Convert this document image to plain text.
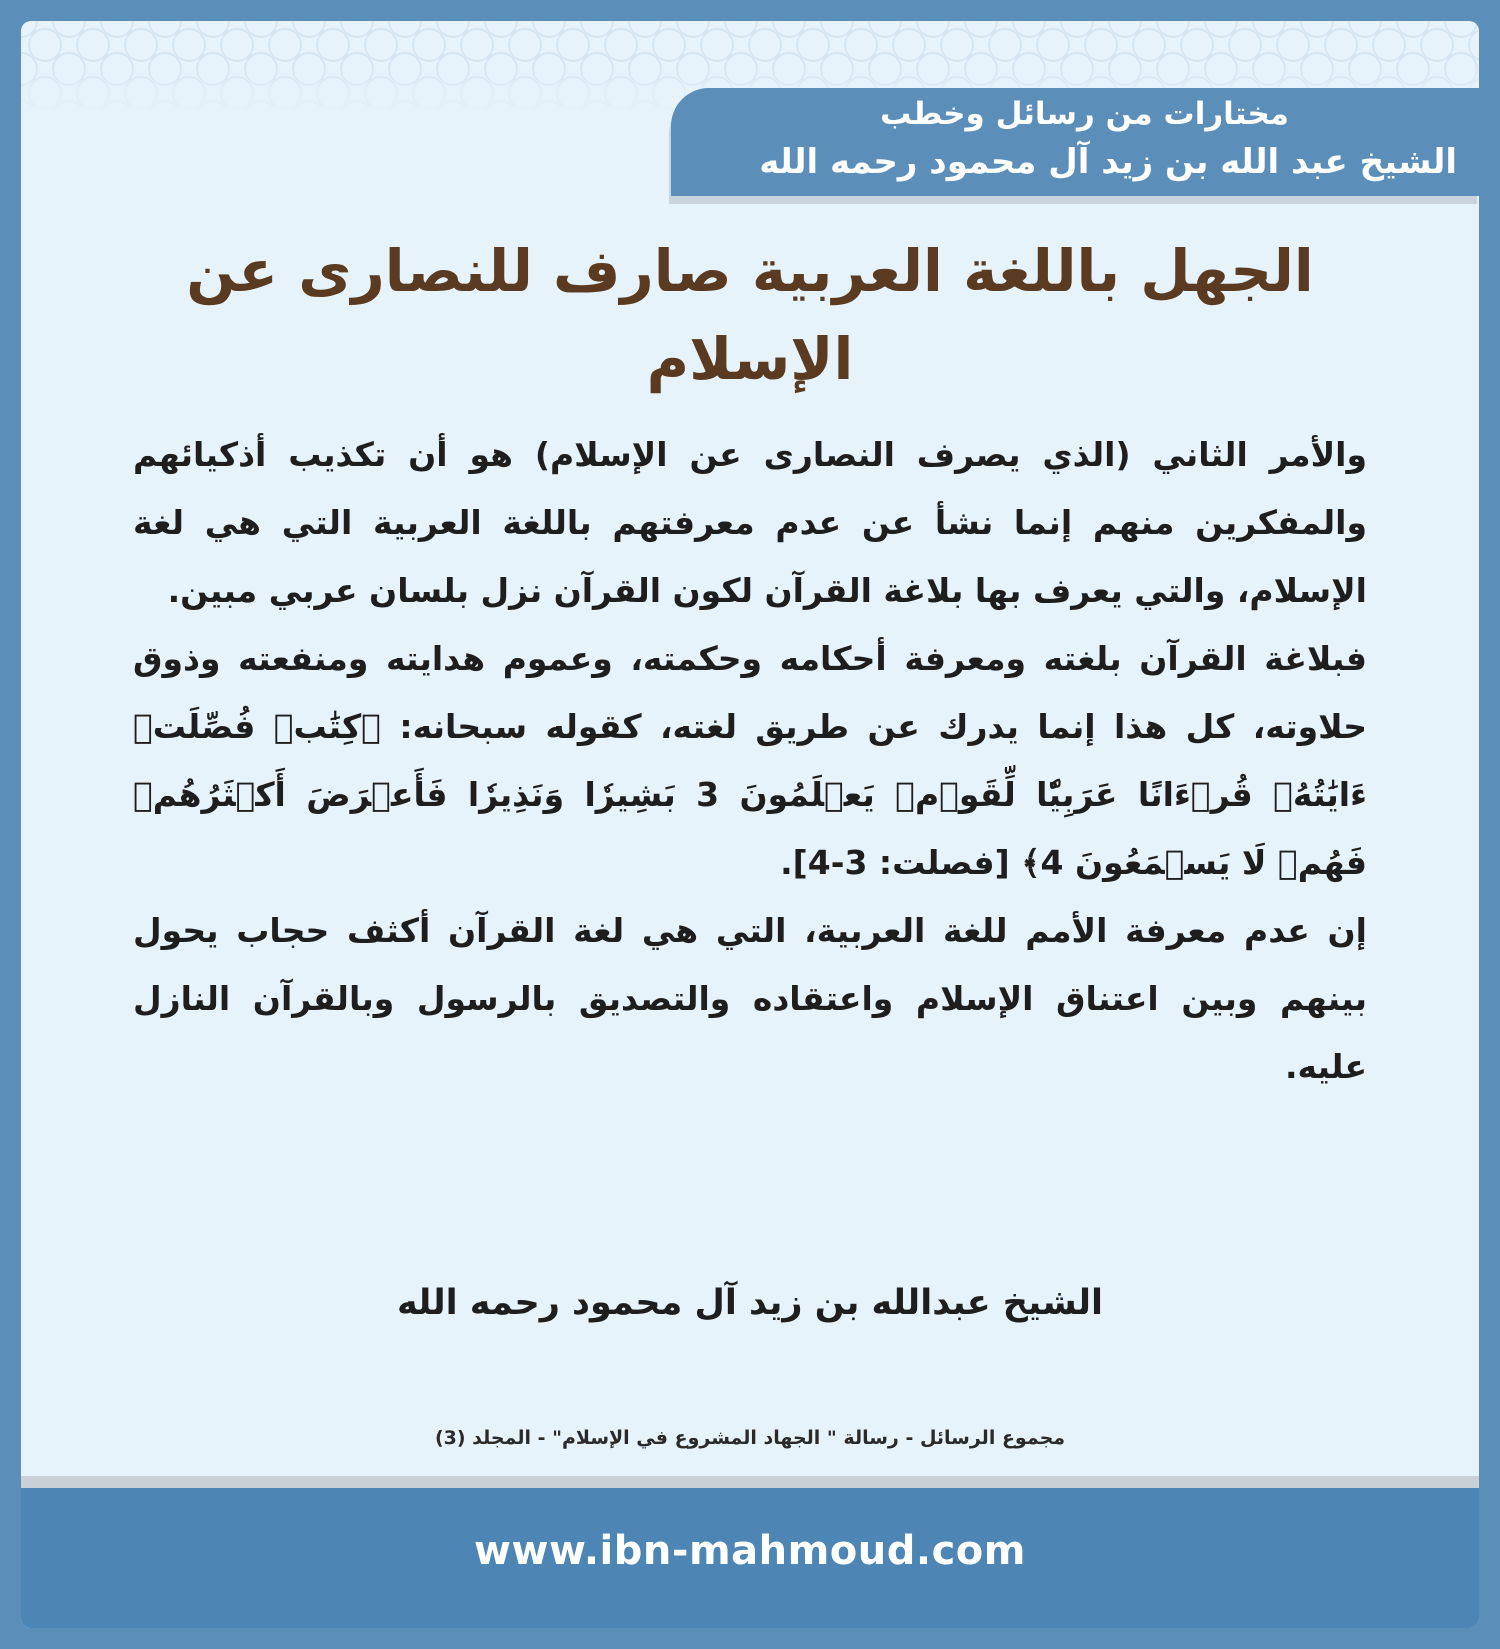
مختارات من رسائل وخطب

الشيخ عبد الله بن زيد آل محمود رحمه الله

الجهل باللغة العربية صارف للنصارى عن الإسلام

والأمر الثاني (الذي يصرف النصارى عن الإسلام) هو أن تكذيب أذكيائهم والمفكرين منهم إنما نشأ عن عدم معرفتهم باللغة العربية التي هي لغة الإسلام، والتي يعرف بها بلاغة القرآن لكون القرآن نزل بلسان عربي مبين.

فبلاغة القرآن بلغته ومعرفة أحكامه وحكمته، وعموم هدايته ومنفعته وذوق حلاوته، كل هذا إنما يدرك عن طريق لغته، كقوله سبحانه: ﴿كِتَٰبٞ فُصِّلَتۡ ءَايَٰتُهُۥ قُرۡءَانًا عَرَبِيّٗا لِّقَوۡمٖ يَعۡلَمُونَ 3 بَشِيرٗا وَنَذِيرٗا فَأَعۡرَضَ أَكۡثَرُهُمۡ فَهُمۡ لَا يَسۡمَعُونَ 4﴾ [فصلت: 3-4].

إن عدم معرفة الأمم للغة العربية، التي هي لغة القرآن أكثف حجاب يحول بينهم وبين اعتناق الإسلام واعتقاده والتصديق بالرسول وبالقرآن النازل عليه.

الشيخ عبدالله بن زيد آل محمود رحمه الله

مجموع الرسائل - رسالة " الجهاد المشروع في الإسلام" - المجلد (3)

www.ibn-mahmoud.com
